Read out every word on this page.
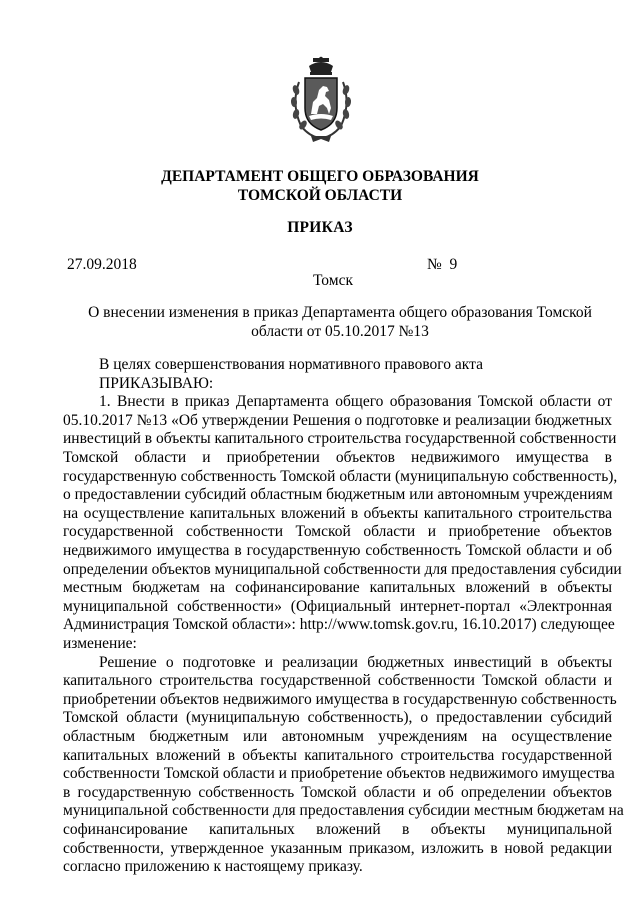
ДЕПАРТАМЕНТ ОБЩЕГО ОБРАЗОВАНИЯ
ТОМСКОЙ ОБЛАСТИ
ПРИКАЗ
27.09.2018	№ 9
Томск
О внесении изменения в приказ Департамента общего образования Томской
области от 05.10.2017 №13
В целях совершенствования нормативного правового акта
ПРИКАЗЫВАЮ:
1. Внести в приказ Департамента общего образования Томской области от
05.10.2017 №13 «Об утверждении Решения о подготовке и реализации бюджетных
инвестиций в объекты капитального строительства государственной собственности
Томской области и приобретении объектов недвижимого имущества в
государственную собственность Томской области (муниципальную собственность),
о предоставлении субсидий областным бюджетным или автономным учреждениям
на осуществление капитальных вложений в объекты капитального строительства
государственной собственности Томской области и приобретение объектов
недвижимого имущества в государственную собственность Томской области и об
определении объектов муниципальной собственности для предоставления субсидии
местным бюджетам на софинансирование капитальных вложений в объекты
муниципальной собственности» (Официальный интернет-портал «Электронная
Администрация Томской области»: http://www.tomsk.gov.ru, 16.10.2017) следующее
изменение:
Решение о подготовке и реализации бюджетных инвестиций в объекты
капитального строительства государственной собственности Томской области и
приобретении объектов недвижимого имущества в государственную собственность
Томской области (муниципальную собственность), о предоставлении субсидий
областным бюджетным или автономным учреждениям на осуществление
капитальных вложений в объекты капитального строительства государственной
собственности Томской области и приобретение объектов недвижимого имущества
в государственную собственность Томской области и об определении объектов
муниципальной собственности для предоставления субсидии местным бюджетам на
софинансирование капитальных вложений в объекты муниципальной
собственности, утвержденное указанным приказом, изложить в новой редакции
согласно приложению к настоящему приказу.
